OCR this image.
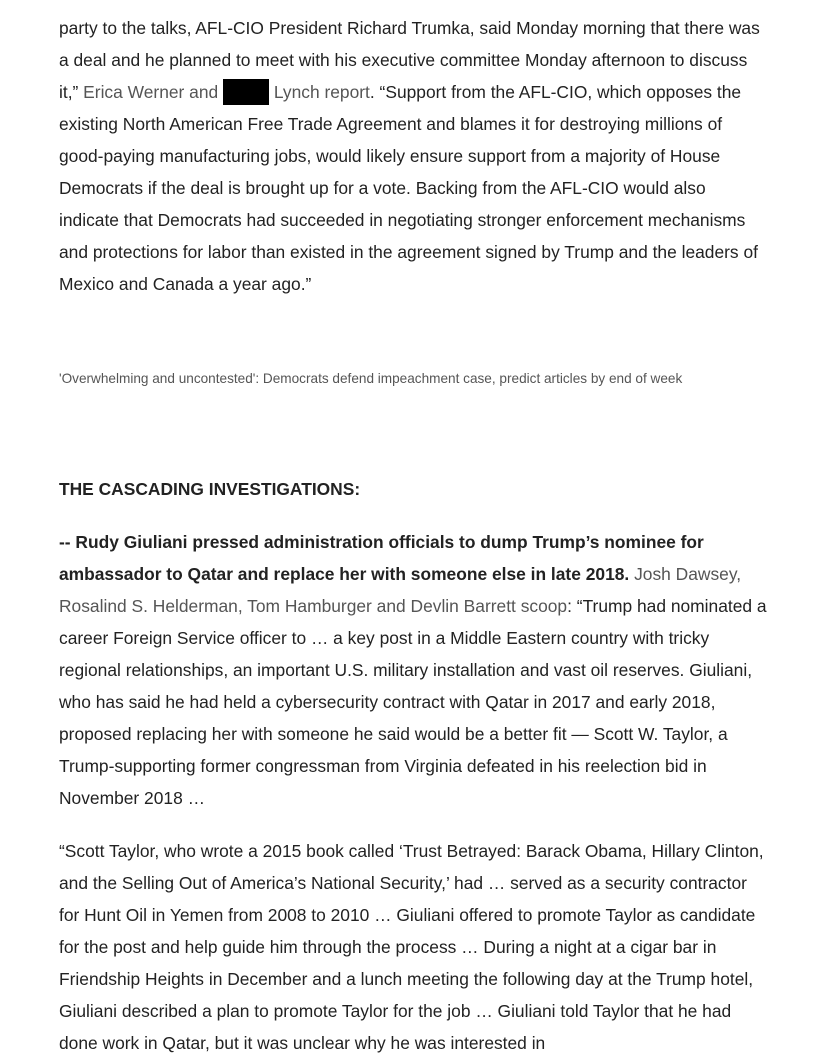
party to the talks, AFL-CIO President Richard Trumka, said Monday morning that there was a deal and he planned to meet with his executive committee Monday afternoon to discuss it,” Erica Werner and	Lynch report. “Support from the AFL-CIO, which opposes the existing North American Free Trade Agreement and blames it for destroying millions of good-paying manufacturing jobs, would likely ensure support from a majority of House Democrats if the deal is brought up for a vote. Backing from the AFL-CIO would also indicate that Democrats had succeeded in negotiating stronger enforcement mechanisms and protections for labor than existed in the agreement signed by Trump and the leaders of Mexico and Canada a year ago.”

'Overwhelming and uncontested': Democrats defend impeachment case, predict articles by end of week

THE CASCADING INVESTIGATIONS:

-- Rudy Giuliani pressed administration officials to dump Trump’s nominee for ambassador to Qatar and replace her with someone else in late 2018. Josh Dawsey, Rosalind S. Helderman, Tom Hamburger and Devlin Barrett scoop: “Trump had nominated a career Foreign Service officer to … a key post in a Middle Eastern country with tricky regional relationships, an important U.S. military installation and vast oil reserves. Giuliani, who has said he had held a cybersecurity contract with Qatar in 2017 and early 2018, proposed replacing her with someone he said would be a better fit — Scott W. Taylor, a Trump-supporting former congressman from Virginia defeated in his reelection bid in November 2018 …

“Scott Taylor, who wrote a 2015 book called ‘Trust Betrayed: Barack Obama, Hillary Clinton, and the Selling Out of America’s National Security,’ had … served as a security contractor for Hunt Oil in Yemen from 2008 to 2010 … Giuliani offered to promote Taylor as candidate for the post and help guide him through the process … During a night at a cigar bar in Friendship Heights in December and a lunch meeting the following day at the Trump hotel, Giuliani described a plan to promote Taylor for the job … Giuliani told Taylor that he had done work in Qatar, but it was unclear why he was interested in
